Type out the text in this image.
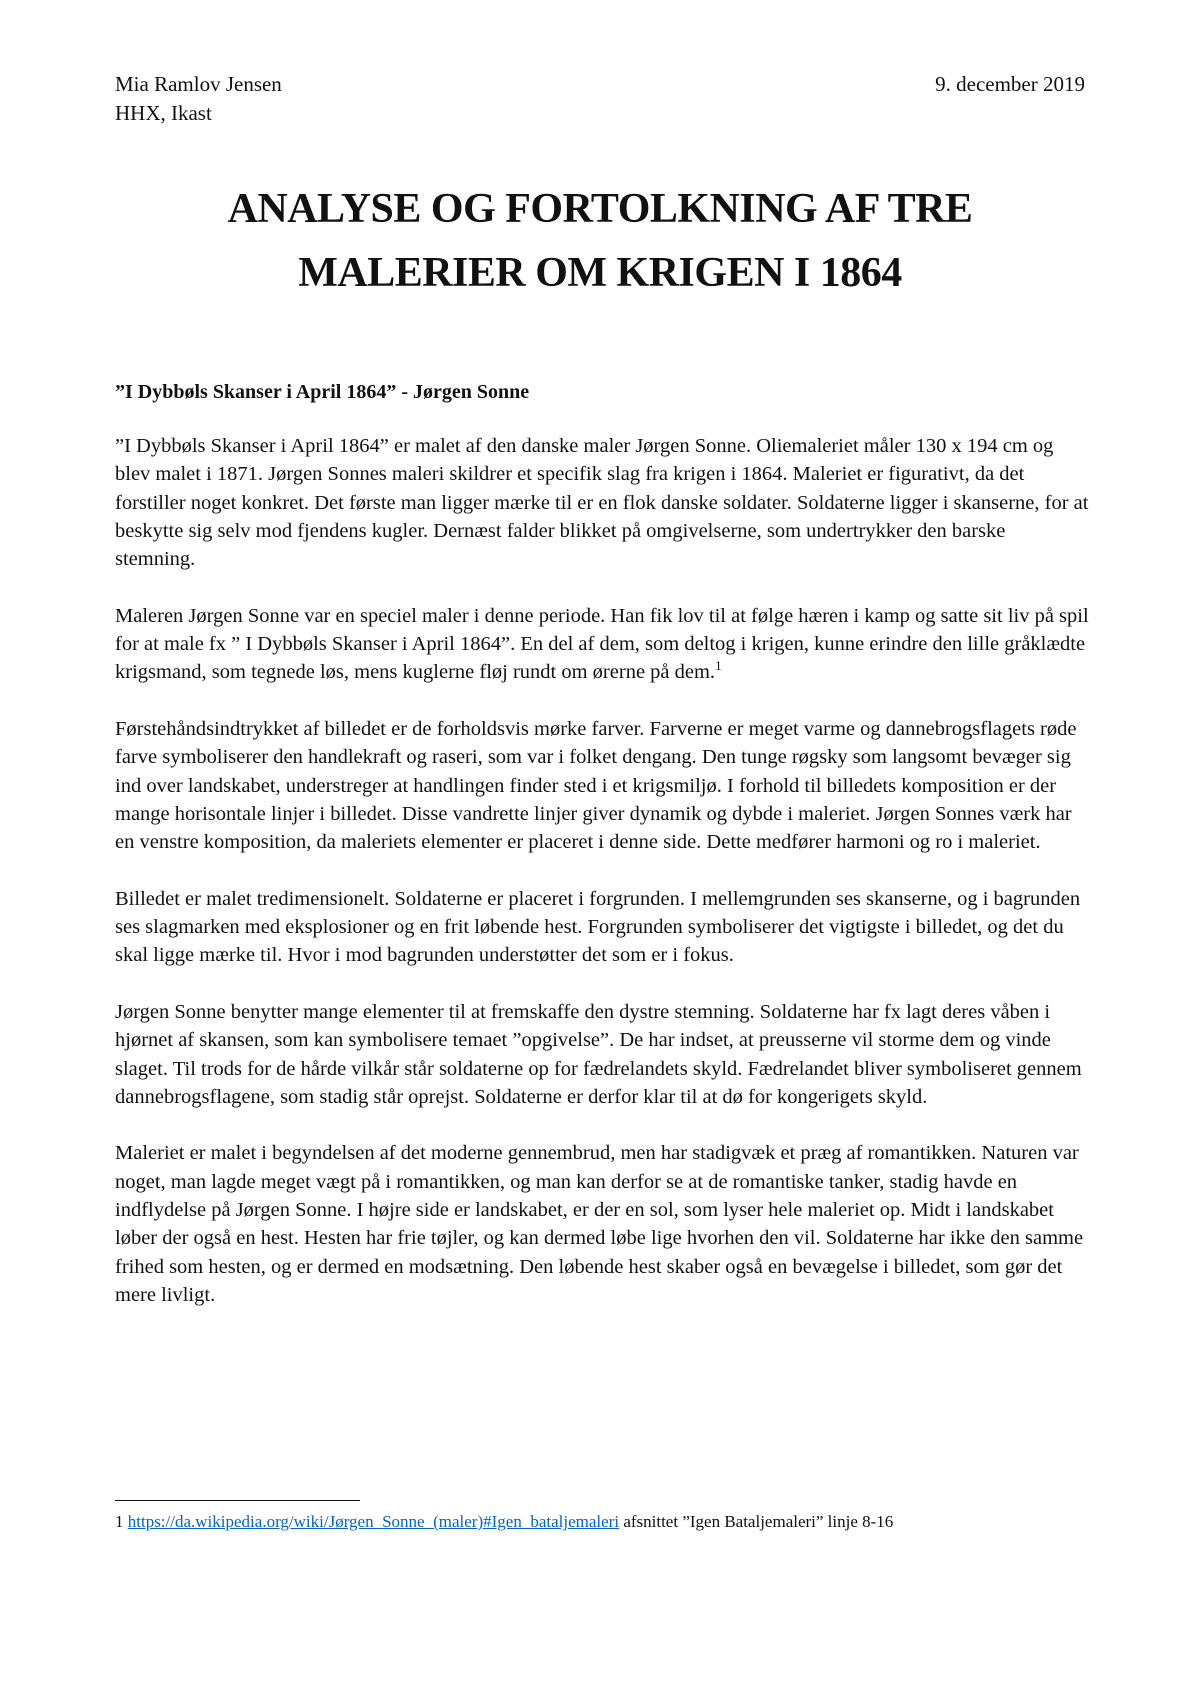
Mia Ramlov Jensen
HHX, Ikast
9. december 2019
ANALYSE OG FORTOLKNING AF TRE
MALERIER OM KRIGEN I 1864
”I Dybbøls Skanser i April 1864” - Jørgen Sonne

”I Dybbøls Skanser i April 1864” er malet af den danske maler Jørgen Sonne. Oliemaleriet måler 130 x 194 cm og blev malet i 1871. Jørgen Sonnes maleri skildrer et specifik slag fra krigen i 1864. Maleriet er figurativt, da det forstiller noget konkret. Det første man ligger mærke til er en flok danske soldater. Soldaterne ligger i skanserne, for at beskytte sig selv mod fjendens kugler. Dernæst falder blikket på omgivelserne, som undertrykker den barske stemning.

Maleren Jørgen Sonne var en speciel maler i denne periode. Han fik lov til at følge hæren i kamp og satte sit liv på spil for at male fx ” I Dybbøls Skanser i April 1864”. En del af dem, som deltog i krigen, kunne erindre den lille gråklædte krigsmand, som tegnede løs, mens kuglerne fløj rundt om ørerne på dem.$^1$

Førstehåndsindtrykket af billedet er de forholdsvis mørke farver. Farverne er meget varme og dannebrogsflagets røde farve symboliserer den handlekraft og raseri, som var i folket dengang. Den tunge røgsky som langsomt bevæger sig ind over landskabet, understreger at handlingen finder sted i et krigsmiljø. I forhold til billedets komposition er der mange horisontale linjer i billedet. Disse vandrette linjer giver dynamik og dybde i maleriet. Jørgen Sonnes værk har en venstre komposition, da maleriets elementer er placeret i denne side. Dette medfører harmoni og ro i maleriet.

Billedet er malet tredimensionelt. Soldaterne er placeret i forgrunden. I mellemgrunden ses skanserne, og i bagrunden ses slagmarken med eksplosioner og en frit løbende hest. Forgrunden symboliserer det vigtigste i billedet, og det du skal ligge mærke til. Hvor i mod bagrunden understøtter det som er i fokus.

Jørgen Sonne benytter mange elementer til at fremskaffe den dystre stemning. Soldaterne har fx lagt deres våben i hjørnet af skansen, som kan symbolisere temaet ”opgivelse”. De har indset, at preusserne vil storme dem og vinde slaget. Til trods for de hårde vilkår står soldaterne op for fædrelandets skyld. Fædrelandet bliver symboliseret gennem dannebrogsflagene, som stadig står oprejst. Soldaterne er derfor klar til at dø for kongerigets skyld.

Maleriet er malet i begyndelsen af det moderne gennembrud, men har stadigvæk et præg af romantikken. Naturen var noget, man lagde meget vægt på i romantikken, og man kan derfor se at de romantiske tanker, stadig havde en indflydelse på Jørgen Sonne. I højre side er landskabet, er der en sol, som lyser hele maleriet op. Midt i landskabet løber der også en hest. Hesten har frie tøjler, og kan dermed løbe lige hvorhen den vil. Soldaterne har ikke den samme frihed som hesten, og er dermed en modsætning. Den løbende hest skaber også en bevægelse i billedet, som gør det mere livligt.

1 https://da.wikipedia.org/wiki/Jørgen_Sonne_(maler)#Igen_bataljemaleri afsnittet ”Igen Bataljemaleri” linje 8-16
